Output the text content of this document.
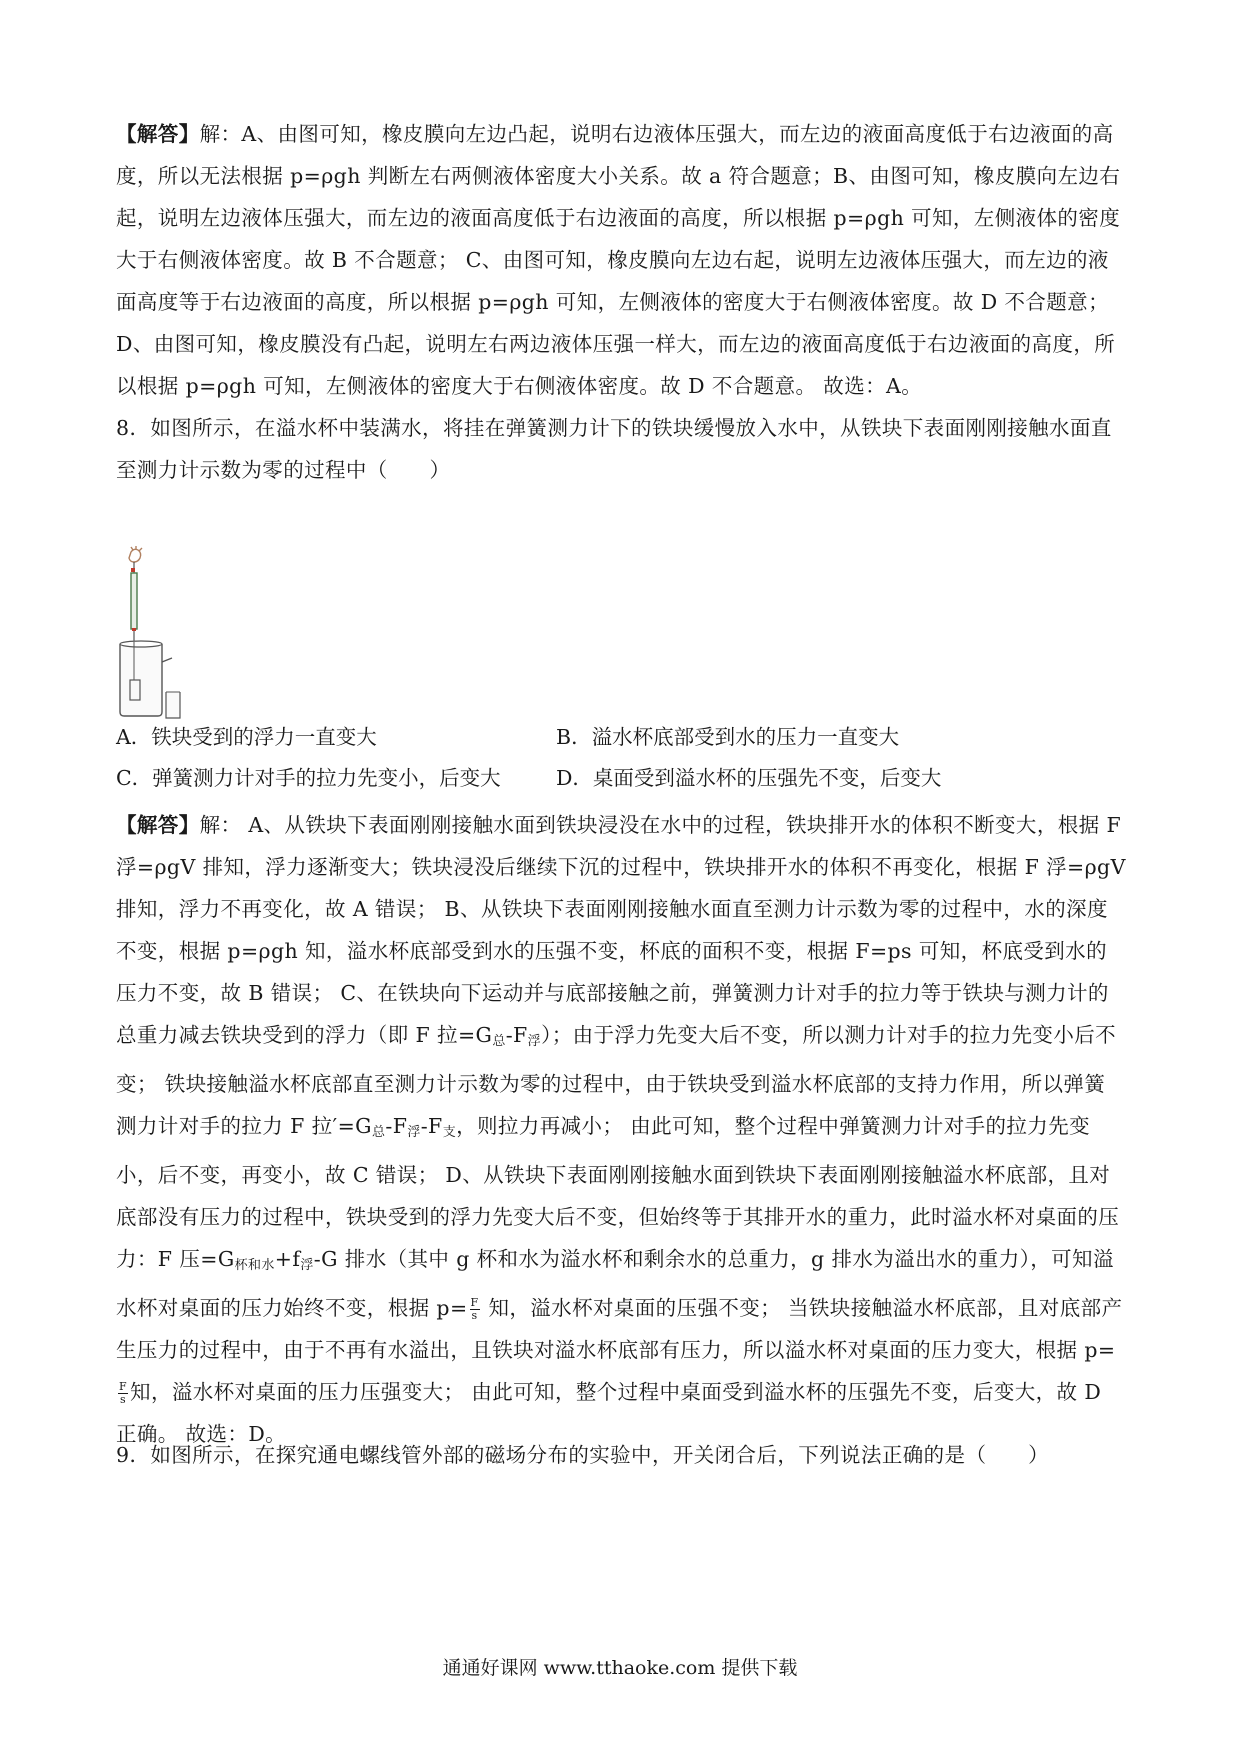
【解答】解：A、由图可知，橡皮膜向左边凸起，说明右边液体压强大，而左边的液面高度低于右边液面的高度，所以无法根据 p=ρgh 判断左右两侧液体密度大小关系。故 a 符合题意；B、由图可知，橡皮膜向左边右起，说明左边液体压强大，而左边的液面高度低于右边液面的高度，所以根据 p=ρgh 可知，左侧液体的密度大于右侧液体密度。故 B 不合题意； C、由图可知，橡皮膜向左边右起，说明左边液体压强大，而左边的液面高度等于右边液面的高度，所以根据 p=ρgh 可知，左侧液体的密度大于右侧液体密度。故 D 不合题意； D、由图可知，橡皮膜没有凸起，说明左右两边液体压强一样大，而左边的液面高度低于右边液面的高度，所以根据 p=ρgh 可知，左侧液体的密度大于右侧液体密度。故 D 不合题意。 故选：A。
8．如图所示，在溢水杯中装满水，将挂在弹簧测力计下的铁块缓慢放入水中，从铁块下表面刚刚接触水面直至测力计示数为零的过程中（　　）
A．铁块受到的浮力一直变大	B．溢水杯底部受到水的压力一直变大
C．弹簧测力计对手的拉力先变小，后变大	D．桌面受到溢水杯的压强先不变，后变大
【解答】解： A、从铁块下表面刚刚接触水面到铁块浸没在水中的过程，铁块排开水的体积不断变大，根据 F 浮=ρgV 排知，浮力逐渐变大；铁块浸没后继续下沉的过程中，铁块排开水的体积不再变化，根据 F 浮=ρgV 排知，浮力不再变化，故 A 错误； B、从铁块下表面刚刚接触水面直至测力计示数为零的过程中，水的深度不变，根据 p=ρgh 知，溢水杯底部受到水的压强不变，杯底的面积不变，根据 F=ps 可知，杯底受到水的压力不变，故 B 错误； C、在铁块向下运动并与底部接触之前，弹簧测力计对手的拉力等于铁块与测力计的总重力减去铁块受到的浮力（即 F 拉$=G_总-F_浮$）；由于浮力先变大后不变，所以测力计对手的拉力先变小后不变； 铁块接触溢水杯底部直至测力计示数为零的过程中，由于铁块受到溢水杯底部的支持力作用，所以弹簧测力计对手的拉力 F 拉$'=G_总-F_浮-F_支$，则拉力再减小； 由此可知，整个过程中弹簧测力计对手的拉力先变小，后不变，再变小，故 C 错误； D、从铁块下表面刚刚接触水面到铁块下表面刚刚接触溢水杯底部，且对底部没有压力的过程中，铁块受到的浮力先变大后不变，但始终等于其排开水的重力，此时溢水杯对桌面的压力：F 压$=G_{杯和水}+f_浮-G$ 排水（其中 g 杯和水为溢水杯和剩余水的总重力，g 排水为溢出水的重力），可知溢水杯对桌面的压力始终不变，根据 $p= \frac{F}{s}$ 知，溢水杯对桌面的压强不变； 当铁块接触溢水杯底部，且对底部产生压力的过程中，由于不再有水溢出，且铁块对溢水杯底部有压力，所以溢水杯对桌面的压力变大，根据 p=
$\frac{F}{s}$ 知，溢水杯对桌面的压力压强变大； 由此可知，整个过程中桌面受到溢水杯的压强先不变，后变大，故 D 正确。 故选：D。
9．如图所示，在探究通电螺线管外部的磁场分布的实验中，开关闭合后，下列说法正确的是（　　）
通通好课网 www.tthaoke.com 提供下载
